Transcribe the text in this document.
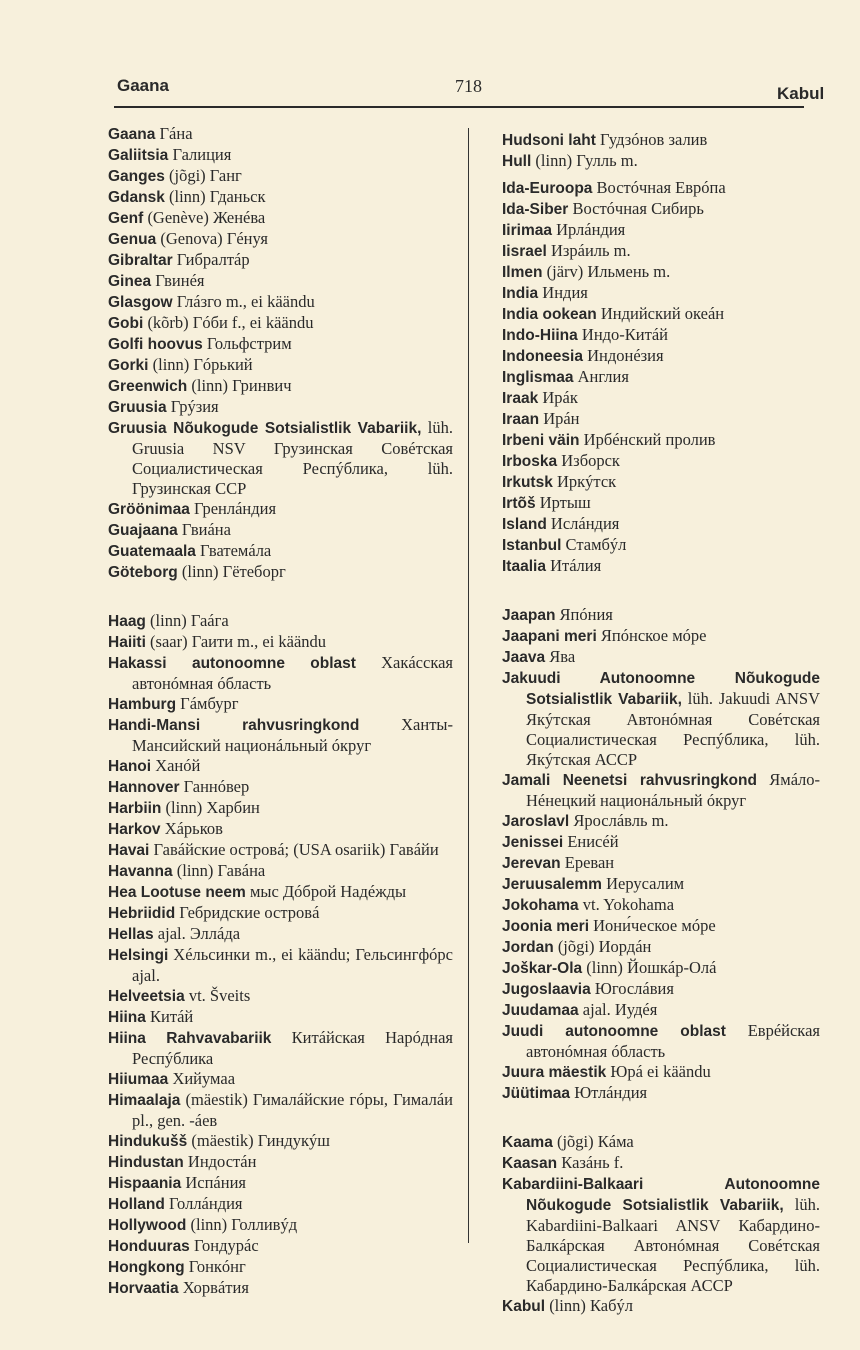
Gaana	718	Kabul

Gaana Гáна

Galiitsia Галиция

Ganges (jõgi) Ганг

Gdansk (linn) Гданьск

Genf (Genève) Женéва

Genua (Genova) Гéнуя

Gibraltar Гибралтáр

Ginea Гвинéя

Glasgow Глáзго m., ei käändu

Gobi (kõrb) Гóби f., ei käändu

Golfi hoovus Гольфстрим

Gorki (linn) Гóрький

Greenwich (linn) Гринвич

Gruusia Грýзия

Gruusia Nõukogude Sotsialistlik Vabariik, lüh. Gruusia NSV Грузинская Совéтская Социалистическая Респýблика, lüh. Грузинская ССР

Gröönimaa Гренлáндия

Guajaana Гвиáна

Guatemaala Гватемáла

Göteborg (linn) Гётеборг

Haag (linn) Гаáга

Haiiti (saar) Гаити m., ei käändu

Hakassi autonoomne oblast Хакáсская автонóмная óбласть

Hamburg Гáмбург

Handi-Mansi rahvusringkond Ханты-Мансийский национáльный óкруг

Hanoi Ханóй

Hannover Ганнóвер

Harbiin (linn) Харбин

Harkov Хáрьков

Havai Гавáйские островá; (USA osariik) Гавáйи

Havanna (linn) Гавáна

Hea Lootuse neem мыс Дóброй Надéжды

Hebriidid Гебридские островá

Hellas ajal. Эллáда

Helsingi Хéльсинки m., ei käändu; Гельсингфóрс ajal.

Helveetsia vt. Šveits

Hiina Китáй

Hiina Rahvavabariik Китáйская Нарóдная Респýблика

Hiiumaa Хийумаа

Himaalaja (mäestik) Гималáйские гóры, Гималáи pl., gen. -áев

Hindukušš (mäestik) Гиндукýш

Hindustan Индостáн

Hispaania Испáния

Holland Голлáндия

Hollywood (linn) Голливýд

Honduuras Гондурáс

Hongkong Гонкóнг

Horvaatia Хорвáтия

Hudsoni laht Гудзóнов залив

Hull (linn) Гулль m.

Ida-Euroopa Востóчная Еврóпа

Ida-Siber Востóчная Сибирь

Iirimaa Ирлáндия

Iisrael Изрáиль m.

Ilmen (järv) Ильмень m.

India Индия

India ookean Индийский океáн

Indo-Hiina Индо-Китáй

Indoneesia Индонéзия

Inglismaa Англия

Iraak Ирáк

Iraan Ирáн

Irbeni väin Ирбéнский пролив

Irboska Изборск

Irkutsk Иркýтск

Irtõš Иртыш

Island Ислáндия

Istanbul Стамбýл

Itaalia Итáлия

Jaapan Япóния

Jaapani meri Япóнское мóре

Jaava Ява

Jakuudi Autonoomne Nõukogude Sotsialistlik Vabariik, lüh. Jakuudi ANSV Якýтская Автонóмная Совéтская Социалистическая Респýблика, lüh. Якýтская АССР

Jamali Neenetsi rahvusringkond Ямáло-Нéнецкий национáльный óкруг

Jaroslavl Ярослáвль m.

Jenissei Енисéй

Jerevan Ереван

Jeruusalemm Иерусалим

Jokohama vt. Yokohama

Joonia meri Иони́ческое мóре

Jordan (jõgi) Иордáн

Joškar-Ola (linn) Йошкáр-Олá

Jugoslaavia Югослáвия

Juudamaa ajal. Иудéя

Juudi autonoomne oblast Еврéйская автонóмная óбласть

Juura mäestik Юрá ei käändu

Jüütimaa Ютлáндия

Kaama (jõgi) Кáма

Kaasan Казáнь f.

Kabardiini-Balkaari Autonoomne Nõukogude Sotsialistlik Vabariik, lüh. Kabardiini-Balkaari ANSV Кабардино-Балкáрская Автонóмная Совéтская Социалистическая Респýблика, lüh. Кабардино-Балкáрская АССР

Kabul (linn) Кабýл
